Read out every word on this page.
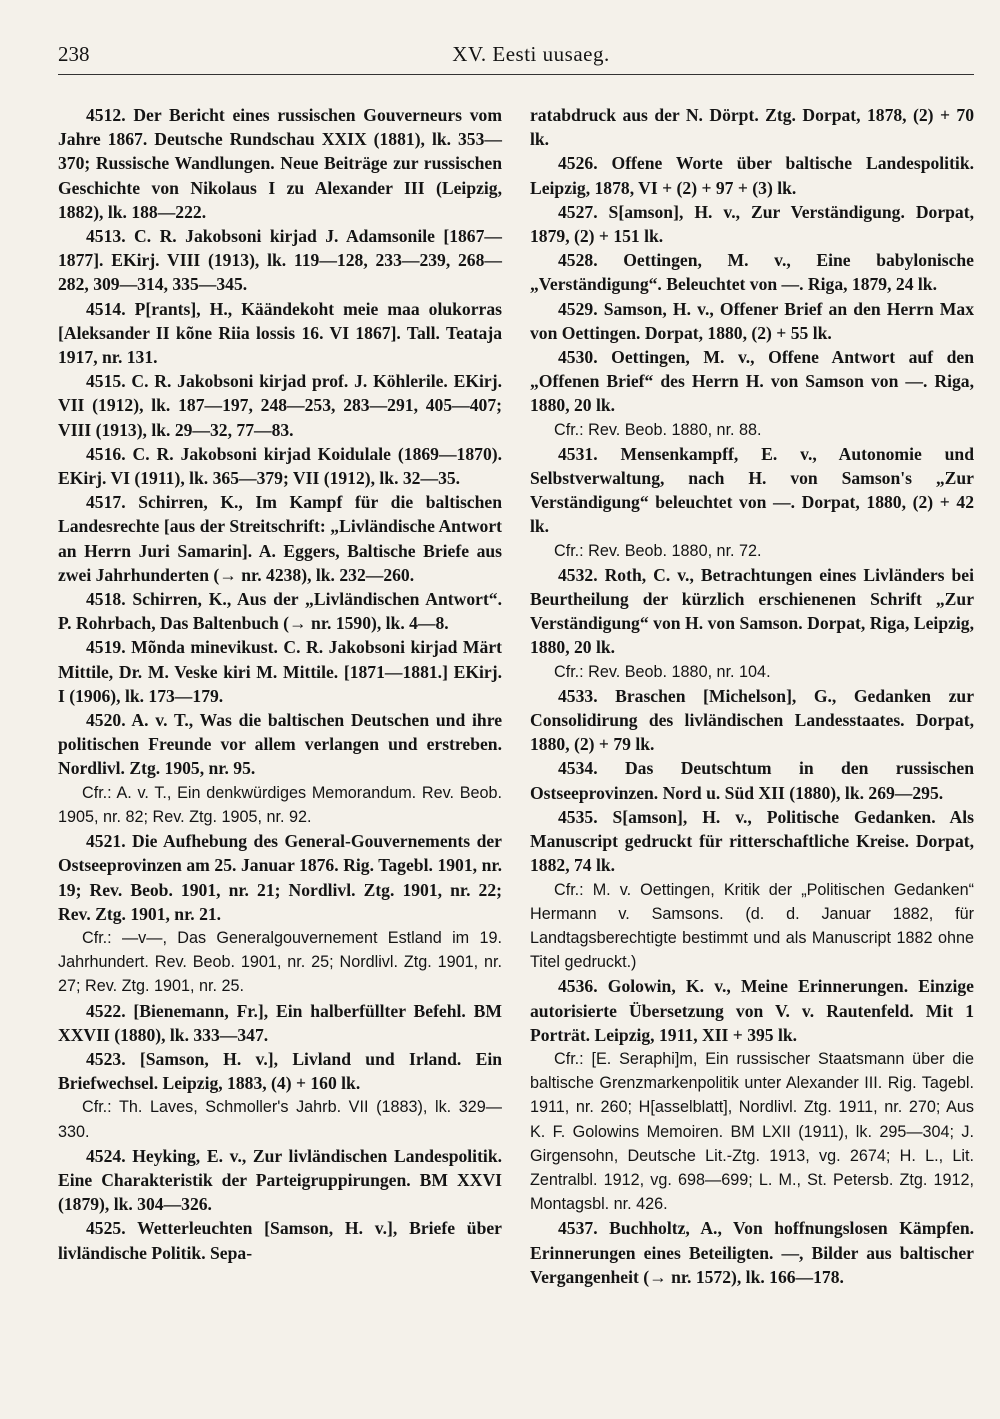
238	XV. Eesti uusaeg.

4512. Der Bericht eines russischen Gouverneurs vom Jahre 1867. Deutsche Rundschau XXIX (1881), lk. 353—370; Russische Wandlungen. Neue Beiträge zur russischen Geschichte von Nikolaus I zu Alexander III (Leipzig, 1882), lk. 188—222.

4513. C. R. Jakobsoni kirjad J. Adamsonile [1867—1877]. EKirj. VIII (1913), lk. 119—128, 233—239, 268—282, 309—314, 335—345.

4514. P[rants], H., Käändekoht meie maa olukorras [Aleksander II kõne Riia lossis 16. VI 1867]. Tall. Teataja 1917, nr. 131.

4515. C. R. Jakobsoni kirjad prof. J. Köhlerile. EKirj. VII (1912), lk. 187—197, 248—253, 283—291, 405—407; VIII (1913), lk. 29—32, 77—83.

4516. C. R. Jakobsoni kirjad Koidulale (1869—1870). EKirj. VI (1911), lk. 365—379; VII (1912), lk. 32—35.

4517. Schirren, K., Im Kampf für die baltischen Landesrechte [aus der Streitschrift: „Livländische Antwort an Herrn Juri Samarin]. A. Eggers, Baltische Briefe aus zwei Jahrhunderten (→ nr. 4238), lk. 232—260.

4518. Schirren, K., Aus der „Livländischen Antwort“. P. Rohrbach, Das Baltenbuch (→ nr. 1590), lk. 4—8.

4519. Mõnda minevikust. C. R. Jakobsoni kirjad Märt Mittile, Dr. M. Veske kiri M. Mittile. [1871—1881.] EKirj. I (1906), lk. 173—179.

4520. A. v. T., Was die baltischen Deutschen und ihre politischen Freunde vor allem verlangen und erstreben. Nordlivl. Ztg. 1905, nr. 95.

Cfr.: A. v. T., Ein denkwürdiges Memorandum. Rev. Beob. 1905, nr. 82; Rev. Ztg. 1905, nr. 92.

4521. Die Aufhebung des General-Gouvernements der Ostseeprovinzen am 25. Januar 1876. Rig. Tagebl. 1901, nr. 19; Rev. Beob. 1901, nr. 21; Nordlivl. Ztg. 1901, nr. 22; Rev. Ztg. 1901, nr. 21.

Cfr.: —v—, Das Generalgouvernement Estland im 19. Jahrhundert. Rev. Beob. 1901, nr. 25; Nordlivl. Ztg. 1901, nr. 27; Rev. Ztg. 1901, nr. 25.

4522. [Bienemann, Fr.], Ein halberfüllter Befehl. BM XXVII (1880), lk. 333—347.

4523. [Samson, H. v.], Livland und Irland. Ein Briefwechsel. Leipzig, 1883, (4) + 160 lk.

Cfr.: Th. Laves, Schmoller's Jahrb. VII (1883), lk. 329—330.

4524. Heyking, E. v., Zur livländischen Landespolitik. Eine Charakteristik der Parteigruppirungen. BM XXVI (1879), lk. 304—326.

4525. Wetterleuchten [Samson, H. v.], Briefe über livländische Politik. Sepa-

ratabdruck aus der N. Dörpt. Ztg. Dorpat, 1878, (2) + 70 lk.

4526. Offene Worte über baltische Landespolitik. Leipzig, 1878, VI + (2) + 97 + (3) lk.

4527. S[amson], H. v., Zur Verständigung. Dorpat, 1879, (2) + 151 lk.

4528. Oettingen, M. v., Eine babylonische „Verständigung“. Beleuchtet von —. Riga, 1879, 24 lk.

4529. Samson, H. v., Offener Brief an den Herrn Max von Oettingen. Dorpat, 1880, (2) + 55 lk.

4530. Oettingen, M. v., Offene Antwort auf den „Offenen Brief“ des Herrn H. von Samson von —. Riga, 1880, 20 lk.

Cfr.: Rev. Beob. 1880, nr. 88.

4531. Mensenkampff, E. v., Autonomie und Selbstverwaltung, nach H. von Samson's „Zur Verständigung“ beleuchtet von —. Dorpat, 1880, (2) + 42 lk.

Cfr.: Rev. Beob. 1880, nr. 72.

4532. Roth, C. v., Betrachtungen eines Livländers bei Beurtheilung der kürzlich erschienenen Schrift „Zur Verständigung“ von H. von Samson. Dorpat, Riga, Leipzig, 1880, 20 lk.

Cfr.: Rev. Beob. 1880, nr. 104.

4533. Braschen [Michelson], G., Gedanken zur Consolidirung des livländischen Landesstaates. Dorpat, 1880, (2) + 79 lk.

4534. Das Deutschtum in den russischen Ostseeprovinzen. Nord u. Süd XII (1880), lk. 269—295.

4535. S[amson], H. v., Politische Gedanken. Als Manuscript gedruckt für ritterschaftliche Kreise. Dorpat, 1882, 74 lk.

Cfr.: M. v. Oettingen, Kritik der „Politischen Gedanken“ Hermann v. Samsons. (d. d. Januar 1882, für Landtagsberechtigte bestimmt und als Manuscript 1882 ohne Titel gedruckt.)

4536. Golowin, K. v., Meine Erinnerungen. Einzige autorisierte Übersetzung von V. v. Rautenfeld. Mit 1 Porträt. Leipzig, 1911, XII + 395 lk.

Cfr.: [E. Seraphi]m, Ein russischer Staatsmann über die baltische Grenzmarkenpolitik unter Alexander III. Rig. Tagebl. 1911, nr. 260; H[asselblatt], Nordlivl. Ztg. 1911, nr. 270; Aus K. F. Golowins Memoiren. BM LXII (1911), lk. 295—304; J. Girgensohn, Deutsche Lit.-Ztg. 1913, vg. 2674; H. L., Lit. Zentralbl. 1912, vg. 698—699; L. M., St. Petersb. Ztg. 1912, Montagsbl. nr. 426.

4537. Buchholtz, A., Von hoffnungslosen Kämpfen. Erinnerungen eines Beteiligten. —, Bilder aus baltischer Vergangenheit (→ nr. 1572), lk. 166—178.
